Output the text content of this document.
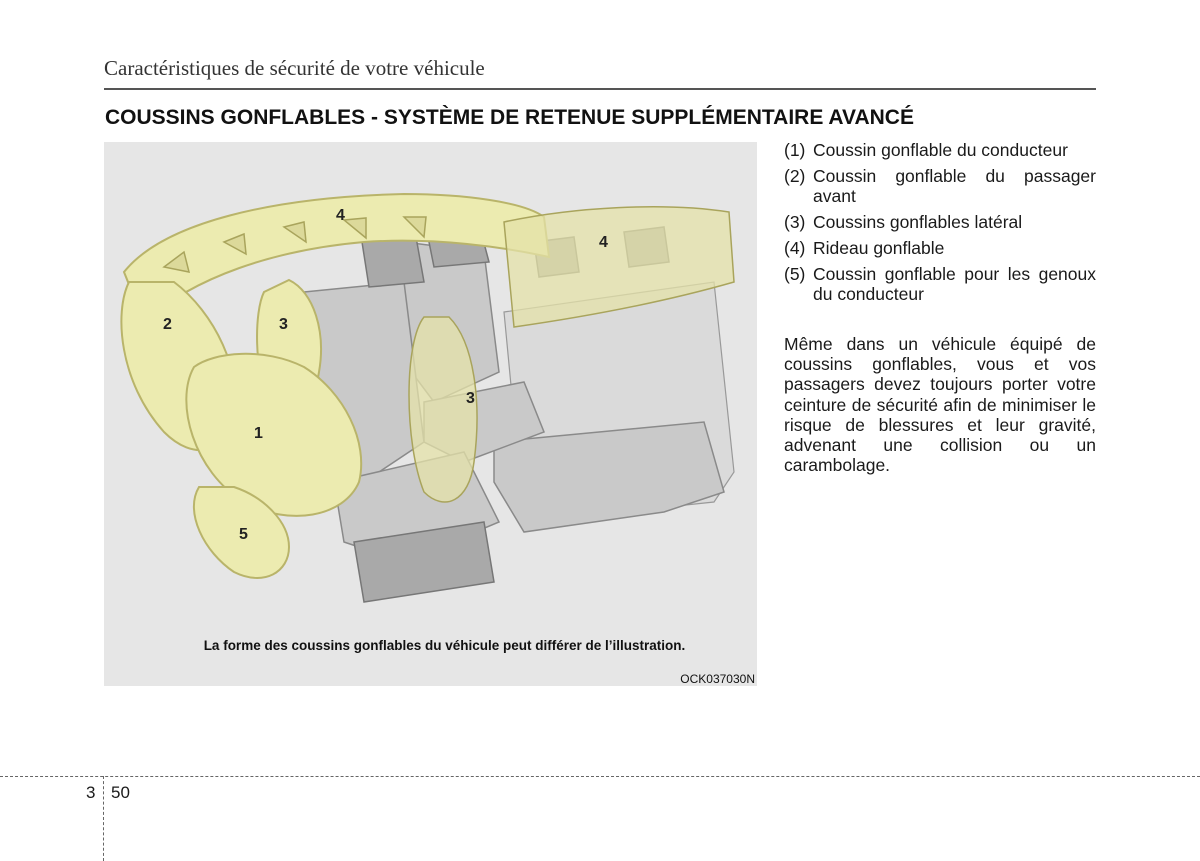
Caractéristiques de sécurité de votre véhicule
COUSSINS GONFLABLES - SYSTÈME DE RETENUE SUPPLÉMENTAIRE AVANCÉ
1
2	3
3
4
4
5
La forme des coussins gonflables du véhicule peut différer de l’illustration.
OCK037030N
(1) Coussin gonflable du conducteur
(2) Coussin gonflable du passager avant
(3) Coussins gonflables latéral
(4) Rideau gonflable
(5) Coussin gonflable pour les genoux du conducteur

Même dans un véhicule équipé de coussins gonflables, vous et vos passagers devez toujours porter votre ceinture de sécurité afin de minimiser le risque de blessures et leur gravité, advenant une collision ou un carambolage.

3 50
